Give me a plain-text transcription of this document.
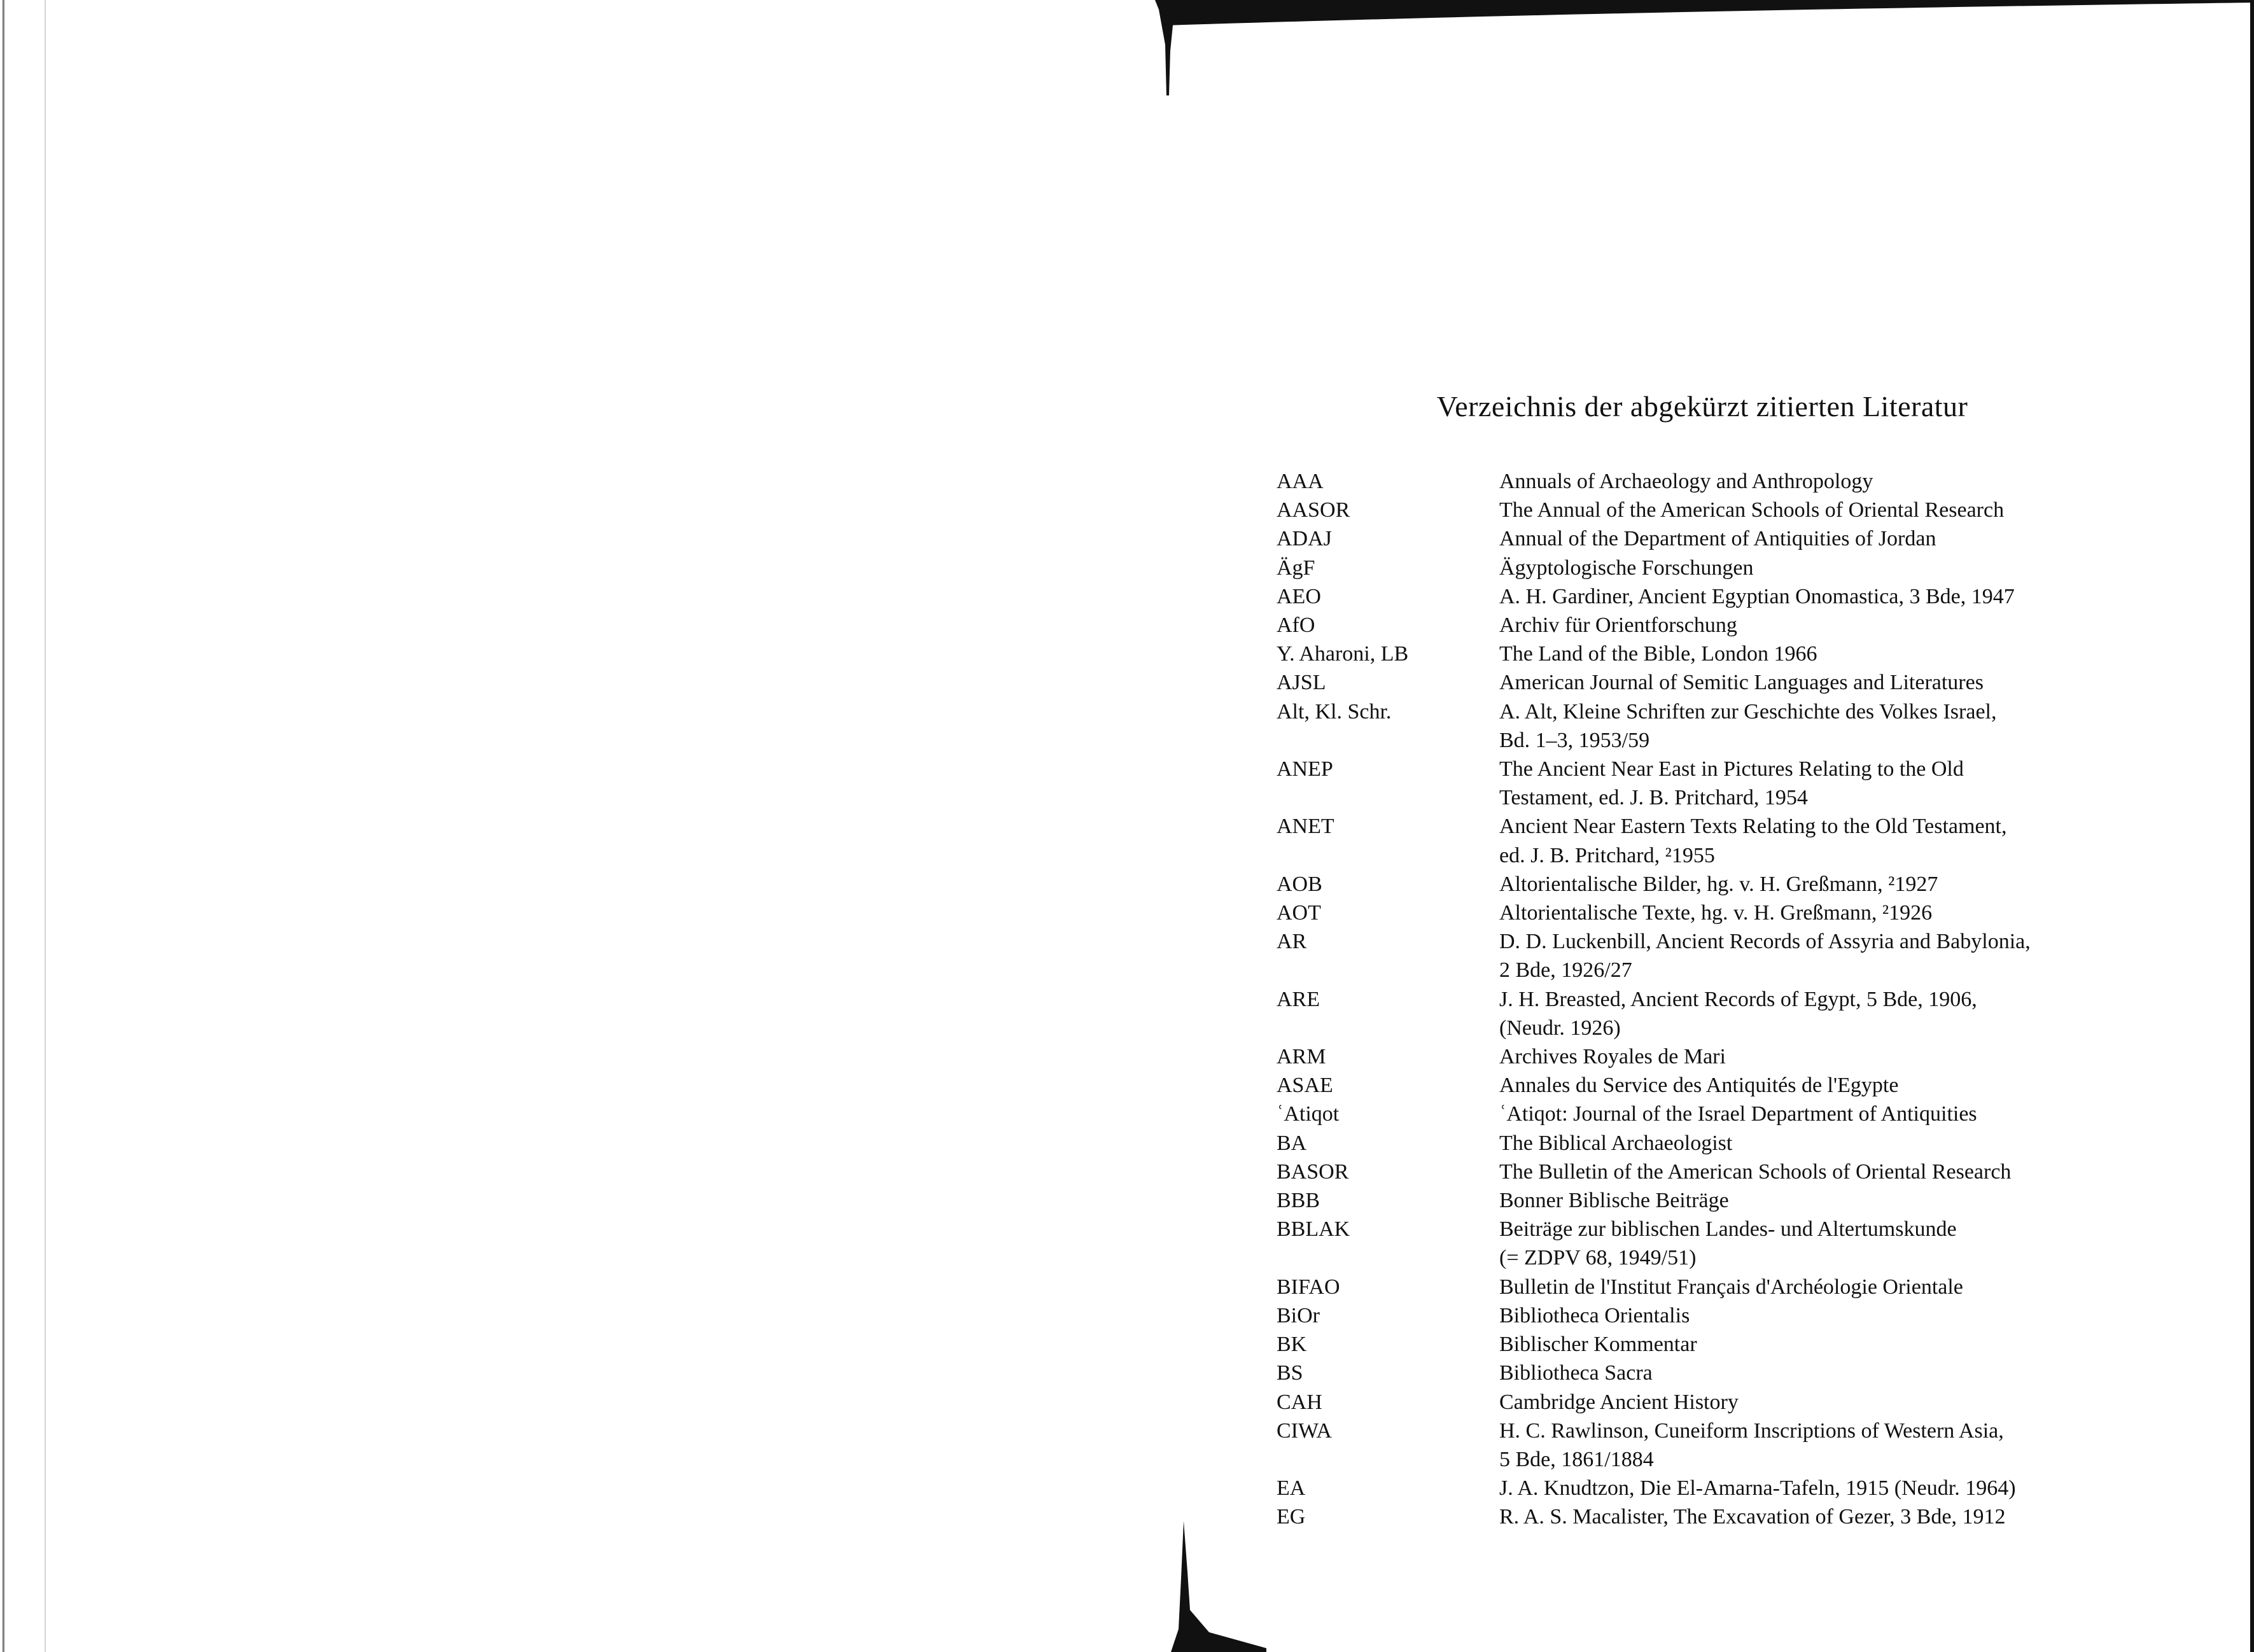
Verzeichnis der abgekürzt zitierten Literatur
AAA	Annuals of Archaeology and Anthropology
AASOR	The Annual of the American Schools of Oriental Research
ADAJ	Annual of the Department of Antiquities of Jordan
ÄgF	Ägyptologische Forschungen
AEO	A. H. Gardiner, Ancient Egyptian Onomastica, 3 Bde, 1947
AfO	Archiv für Orientforschung
Y. Aharoni, LB	The Land of the Bible, London 1966
AJSL	American Journal of Semitic Languages and Literatures
Alt, Kl. Schr.	A. Alt, Kleine Schriften zur Geschichte des Volkes Israel,
Bd. 1–3, 1953/59
ANEP	The Ancient Near East in Pictures Relating to the Old
Testament, ed. J. B. Pritchard, 1954
ANET	Ancient Near Eastern Texts Relating to the Old Testament,
ed. J. B. Pritchard, ²1955
AOB	Altorientalische Bilder, hg. v. H. Greßmann, ²1927
AOT	Altorientalische Texte, hg. v. H. Greßmann, ²1926
AR	D. D. Luckenbill, Ancient Records of Assyria and Babylonia,
2 Bde, 1926/27
ARE	J. H. Breasted, Ancient Records of Egypt, 5 Bde, 1906,
(Neudr. 1926)
ARM	Archives Royales de Mari
ASAE	Annales du Service des Antiquités de l'Egypte
ʿAtiqot	ʿAtiqot: Journal of the Israel Department of Antiquities
BA	The Biblical Archaeologist
BASOR	The Bulletin of the American Schools of Oriental Research
BBB	Bonner Biblische Beiträge
BBLAK	Beiträge zur biblischen Landes- und Altertumskunde
(= ZDPV 68, 1949/51)
BIFAO	Bulletin de l'Institut Français d'Archéologie Orientale
BiOr	Bibliotheca Orientalis
BK	Biblischer Kommentar
BS	Bibliotheca Sacra
CAH	Cambridge Ancient History
CIWA	H. C. Rawlinson, Cuneiform Inscriptions of Western Asia,
5 Bde, 1861/1884
EA	J. A. Knudtzon, Die El-Amarna-Tafeln, 1915 (Neudr. 1964)
EG	R. A. S. Macalister, The Excavation of Gezer, 3 Bde, 1912
